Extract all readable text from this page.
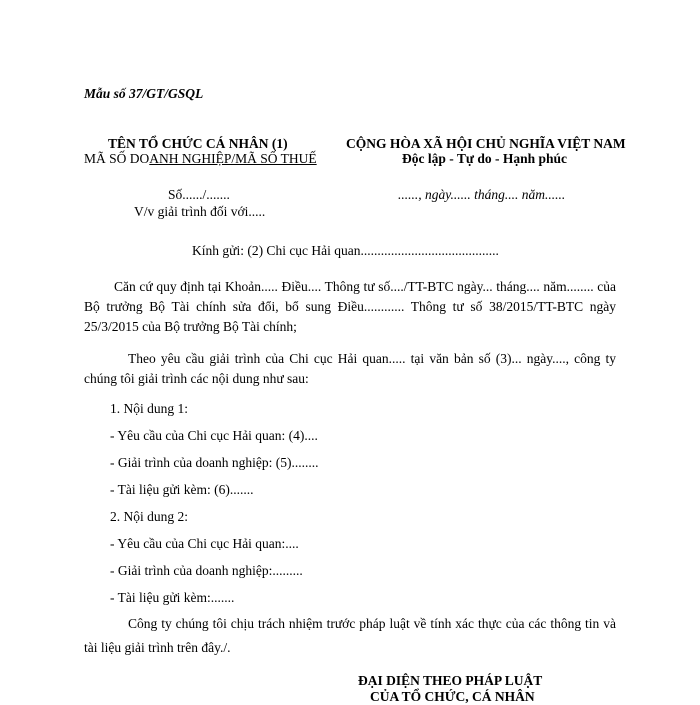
Mẫu số 37/GT/GSQL
TÊN TỔ CHỨC CÁ NHÂN (1)
MÃ SỐ DOANH NGHIỆP/MÃ SỐ THUẾ
CỘNG HÒA XÃ HỘI CHỦ NGHĨA VIỆT NAM
Độc lập - Tự do - Hạnh phúc
Số....../.......	......, ngày...... tháng.... năm......
V/v giải trình đối với.....
Kính gửi: (2) Chi cục Hải quan.........................................
Căn cứ quy định tại Khoản..... Điều.... Thông tư số..../TT-BTC ngày... tháng.... năm........ của Bộ trưởng Bộ Tài chính sửa đổi, bổ sung Điều............ Thông tư số 38/2015/TT-BTC ngày 25/3/2015 của Bộ trưởng Bộ Tài chính;
Theo yêu cầu giải trình của Chi cục Hải quan..... tại văn bản số (3)... ngày...., công ty chúng tôi giải trình các nội dung như sau:
1. Nội dung 1:
- Yêu cầu của Chi cục Hải quan: (4)....
- Giải trình của doanh nghiệp: (5)........
- Tài liệu gửi kèm: (6).......
2. Nội dung 2:
- Yêu cầu của Chi cục Hải quan:....
- Giải trình của doanh nghiệp:.........
- Tài liệu gửi kèm:.......
Công ty chúng tôi chịu trách nhiệm trước pháp luật về tính xác thực của các thông tin và tài liệu giải trình trên đây./.
ĐẠI DIỆN THEO PHÁP LUẬT
CỦA TỔ CHỨC, CÁ NHÂN
